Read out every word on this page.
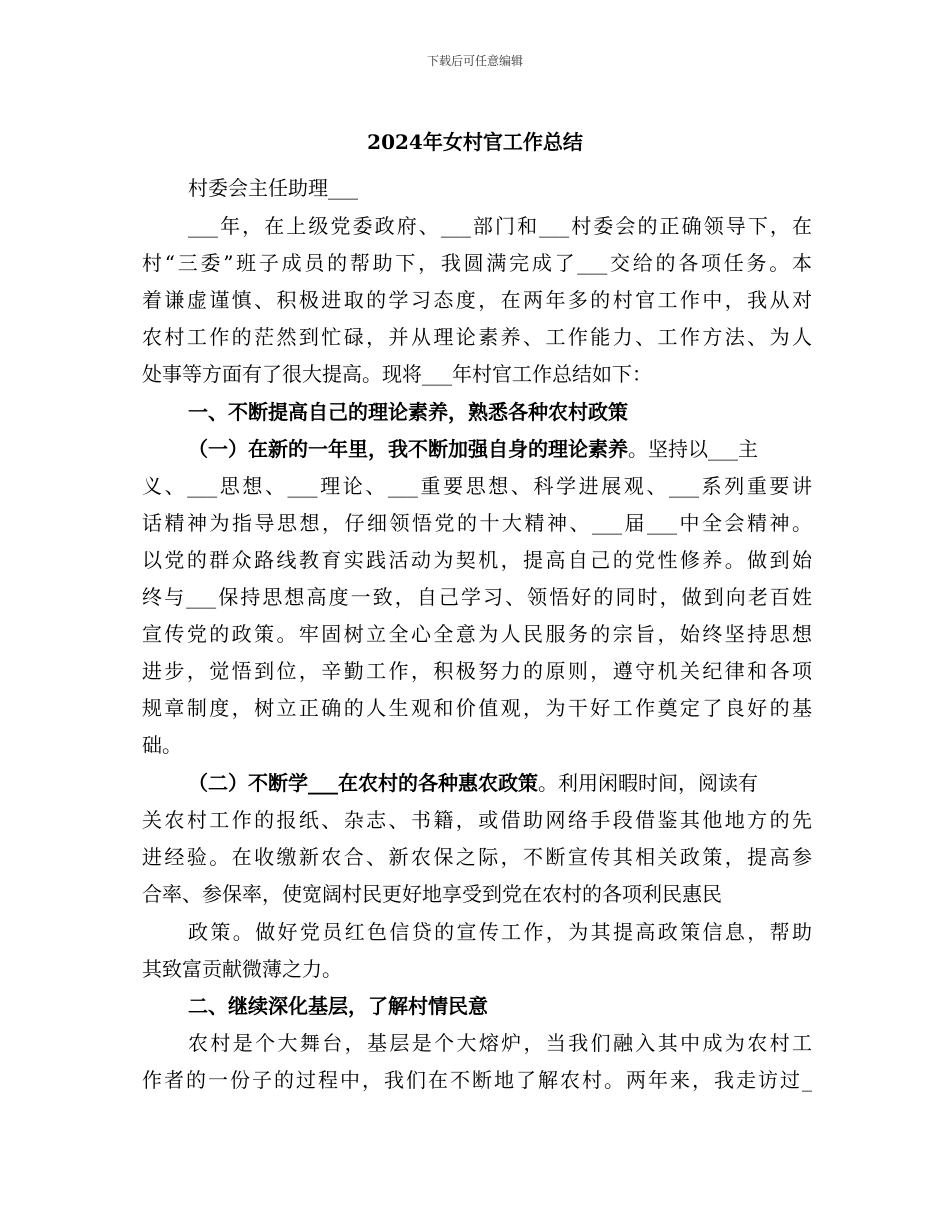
下载后可任意编辑
2024年女村官工作总结
村委会主任助理___
___年，在上级党委政府、___部门和___村委会的正确领导下，在
村“三委”班子成员的帮助下，我圆满完成了___交给的各项任务。本
着谦虚谨慎、积极进取的学习态度，在两年多的村官工作中，我从对
农村工作的茫然到忙碌，并从理论素养、工作能力、工作方法、为人
处事等方面有了很大提高。现将___年村官工作总结如下：
一、不断提高自己的理论素养，熟悉各种农村政策
（一）在新的一年里，我不断加强自身的理论素养 。坚持以___主
义、___思想、___理论、___重要思想、科学进展观、___系列重要讲
话精神为指导思想，仔细领悟党的十大精神、___届___中全会精神。
以党的群众路线教育实践活动为契机，提高自己的党性修养。做到始
终与___保持思想高度一致，自己学习、领悟好的同时，做到向老百姓
宣传党的政策。牢固树立全心全意为人民服务的宗旨，始终坚持思想
进步，觉悟到位，辛勤工作，积极努力的原则，遵守机关纪律和各项
规章制度，树立正确的人生观和价值观，为干好工作奠定了良好的基
础。
（二）不断学___在农村的各种惠农政策 。利用闲暇时间，阅读有
关农村工作的报纸、杂志、书籍，或借助网络手段借鉴其他地方的先
进经验。在收缴新农合、新农保之际，不断宣传其相关政策，提高参
合率、参保率，使宽阔村民更好地享受到党在农村的各项利民惠民
政策。做好党员红色信贷的宣传工作，为其提高政策信息，帮助
其致富贡献微薄之力。
二、继续深化基层，了解村情民意
农村是个大舞台，基层是个大熔炉，当我们融入其中成为农村工
作者的一份子的过程中，我们在不断地了解农村。两年来，我走访过_
